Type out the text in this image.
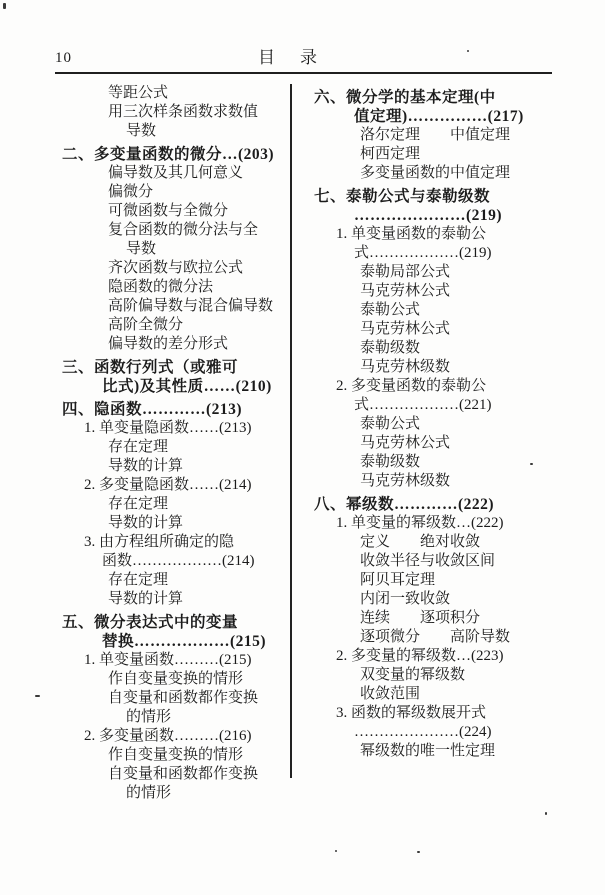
10	目　录
等距公式
用三次样条函数求数值
导数
二、多变量函数的微分…(203)
偏导数及其几何意义
偏微分
可微函数与全微分
复合函数的微分法与全
导数
齐次函数与欧拉公式
隐函数的微分法
高阶偏导数与混合偏导数
高阶全微分
偏导数的差分形式
三、函数行列式（或雅可
比式)及其性质……(210)
四、隐函数…………(213)
1. 单变量隐函数……(213)
存在定理
导数的计算
2. 多变量隐函数……(214)
存在定理
导数的计算
3. 由方程组所确定的隐
函数………………(214)
存在定理
导数的计算
五、微分表达式中的变量
替换………………(215)
1. 单变量函数………(215)
作自变量变换的情形
自变量和函数都作变换
的情形
2. 多变量函数………(216)
作自变量变换的情形
自变量和函数都作变换
的情形
六、微分学的基本定理(中
值定理)……………(217)
洛尔定理　　中值定理
柯西定理
多变量函数的中值定理
七、泰勒公式与泰勒级数
…………………(219)
1. 单变量函数的泰勒公
式………………(219)
泰勒局部公式
马克劳林公式
泰勒公式
马克劳林公式
泰勒级数
马克劳林级数
2. 多变量函数的泰勒公
式………………(221)
泰勒公式
马克劳林公式
泰勒级数
马克劳林级数
八、幂级数…………(222)
1. 单变量的幂级数…(222)
定义　　绝对收敛
收敛半径与收敛区间
阿贝耳定理
内闭一致收敛
连续　　逐项积分
逐项微分　　高阶导数
2. 多变量的幂级数…(223)
双变量的幂级数
收敛范围
3. 函数的幂级数展开式
…………………(224)
幂级数的唯一性定理
